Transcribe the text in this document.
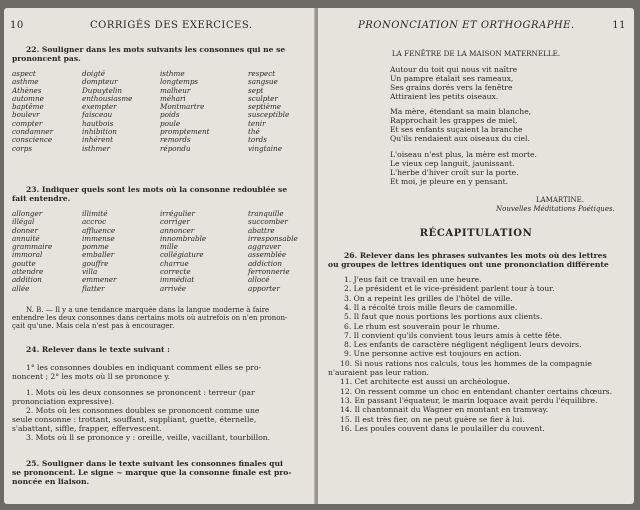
10	CORRIGÉS DES EXERCICES.
22. Souligner dans les mots suivants les consonnes qui ne se
prononcent pas.
aspect
asthme
Athènes
automne
baptême
boulevr
compter
condamner
conscience
corps
doigté
dompteur
Dupuytelin
enthousiasme
exempter
faisceau
hautbois
inhibition
inhérent
isthmer
isthme
longtemps
malheur
méhari
Montmartre
poids
poule
promptement
remords
répondu
respect
sangsue
sept
sculpter
septième
susceptible
tenir
thé
tords
vingtaine
23. Indiquer quels sont les mots où la consonne redoublée se
fait entendre.
allonger
illégal
donner
annuité
grammaire
immoral
goutte
attendre
addition
allée
illimité
accroc
affluence
immense
pomme
emballer
gouffre
villa
emmener
flatter
irrégulier
corriger
annoncer
innombrable
mille
collégiature
charrue
correcte
immédiat
arrivée
tranquille
succomber
abattre
irresponsable
aggraver
assemblée
addiction
ferronnerie
allocé
apporter
N. B. — Il y a une tendance marquée dans la langue moderne à faire
entendre les deux consonnes dans certains mots où autrefois on n'en pronon-
çait qu'une. Mais cela n'est pas à encourager.
24. Relever dans le texte suivant :
1° les consonnes doubles en indiquant comment elles se pro-
noncent ; 2° les mots où ll se prononce y.
1. Mots où les deux consonnes se prononcent : terreur (par
prononciation expressive).
2. Mots où les consonnes doubles se prononcent comme une
seule consonne : trottant, souffant, suppliant, guette, éternelle,
s'abattant, siffle, frapper, effervescent.
3. Mots où ll se prononce y : oreille, veille, vacillant, tourbillon.
25. Souligner dans le texte suivant les consonnes finales qui
se prononcent. Le signe ~ marque que la consonne finale est pro-
noncée en liaison.
PRONONCIATION ET ORTHOGRAPHE.	11
LA FENÊTRE DE LA MAISON MATERNELLE.
Autour du toit qui nous vit naître
Un pampre étalait ses rameaux,
Ses grains dorés vers la fenêtre
Attiraient les petits oiseaux.
Ma mère, étendant sa main blanche,
Rapprochait les grappes de miel,
Et ses enfants suçaient la branche
Qu'ils rendaient aux oiseaux du ciel.
L'oiseau n'est plus, la mère est morte.
Le vieux cep languit, jaunissant.
L'herbe d'hiver croît sur la porte.
Et moi, je pleure en y pensant.
LAMARTINE.
Nouvelles Méditations Poétiques.
RÉCAPITULATION
26. Relever dans les phrases suivantes les mots où des lettres
ou groupes de lettres identiques ont une prononciation différente
1. J'eus fait ce travail en une heure.
2. Le président et le vice-président parlent tour à tour.
3. On a repeint les grilles de l'hôtel de ville.
4. Il a récolté trois mille fleurs de camomille.
5. Il faut que nous portions les portions aux clients.
6. Le rhum est souverain pour le rhume.
7. Il convient qu'ils convient tous leurs amis à cette fête.
8. Les enfants de caractère négligent négligent leurs devoirs.
9. Une personne active est toujours en action.
10. Si nous rations nos calculs, tous les hommes de la compagnie
n'auraient pas leur ration.
11. Cet architecte est aussi un archéologue.
12. On ressent comme un choc en entendant chanter certains chœurs.
13. En passant l'équateur, le marin loquace avait perdu l'équilibre.
14. Il chantonnait du Wagner en montant en tramway.
15. Il est très fier, on ne peut guère se fier à lui.
16. Les poules couvent dans le poulailler du couvent.
